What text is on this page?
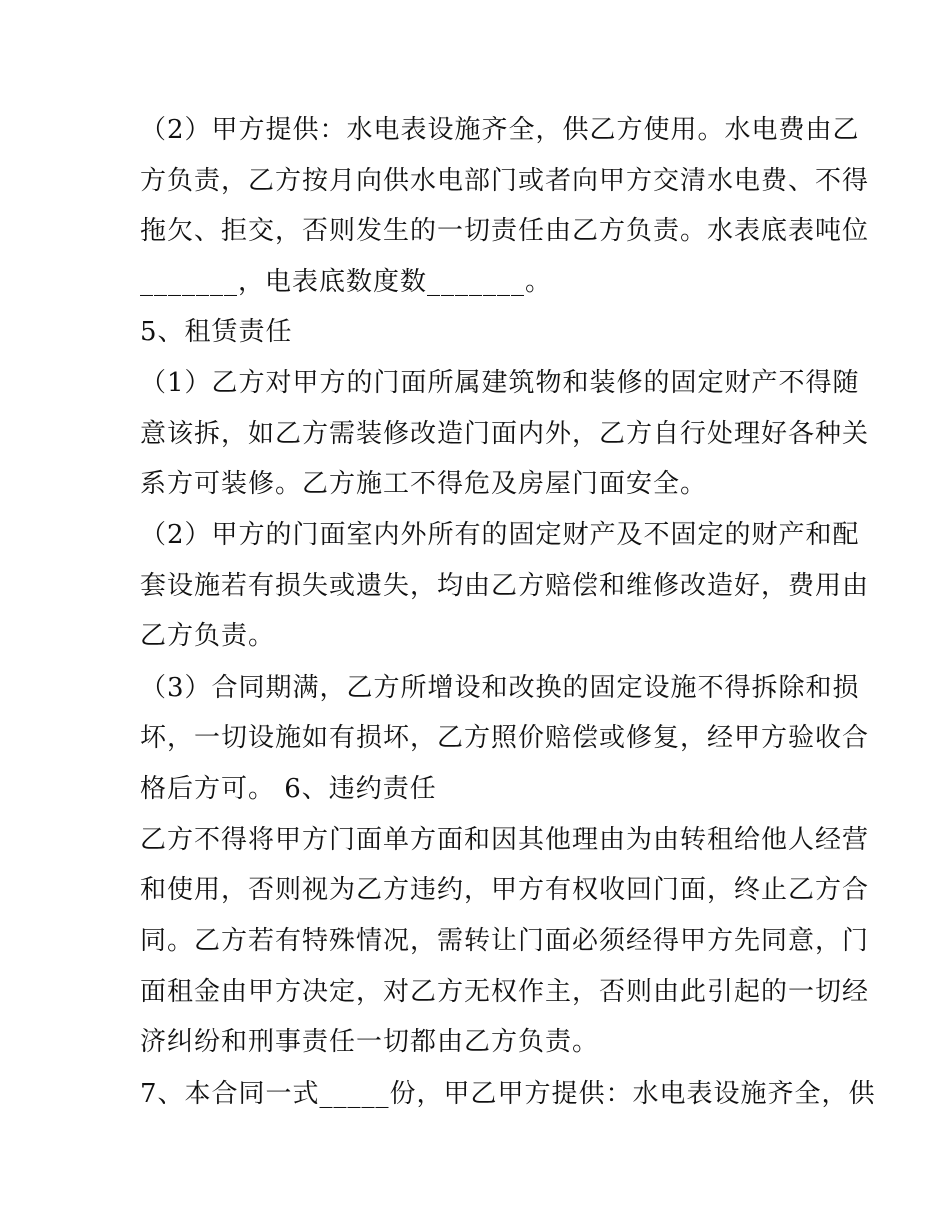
（2）甲方提供：水电表设施齐全，供乙方使用。水电费由乙
方负责，乙方按月向供水电部门或者向甲方交清水电费、不得
拖欠、拒交，否则发生的一切责任由乙方负责。水表底表吨位
_______，电表底数度数_______。
5、租赁责任
（1）乙方对甲方的门面所属建筑物和装修的固定财产不得随
意该拆，如乙方需装修改造门面内外，乙方自行处理好各种关
系方可装修。乙方施工不得危及房屋门面安全。
（2）甲方的门面室内外所有的固定财产及不固定的财产和配
套设施若有损失或遗失，均由乙方赔偿和维修改造好，费用由
乙方负责。
（3）合同期满，乙方所增设和改换的固定设施不得拆除和损
坏，一切设施如有损坏，乙方照价赔偿或修复，经甲方验收合
格后方可。 6、违约责任
乙方不得将甲方门面单方面和因其他理由为由转租给他人经营
和使用，否则视为乙方违约，甲方有权收回门面，终止乙方合
同。乙方若有特殊情况，需转让门面必须经得甲方先同意，门
面租金由甲方决定，对乙方无权作主，否则由此引起的一切经
济纠纷和刑事责任一切都由乙方负责。
7、本合同一式_____份，甲乙甲方提供：水电表设施齐全，供
